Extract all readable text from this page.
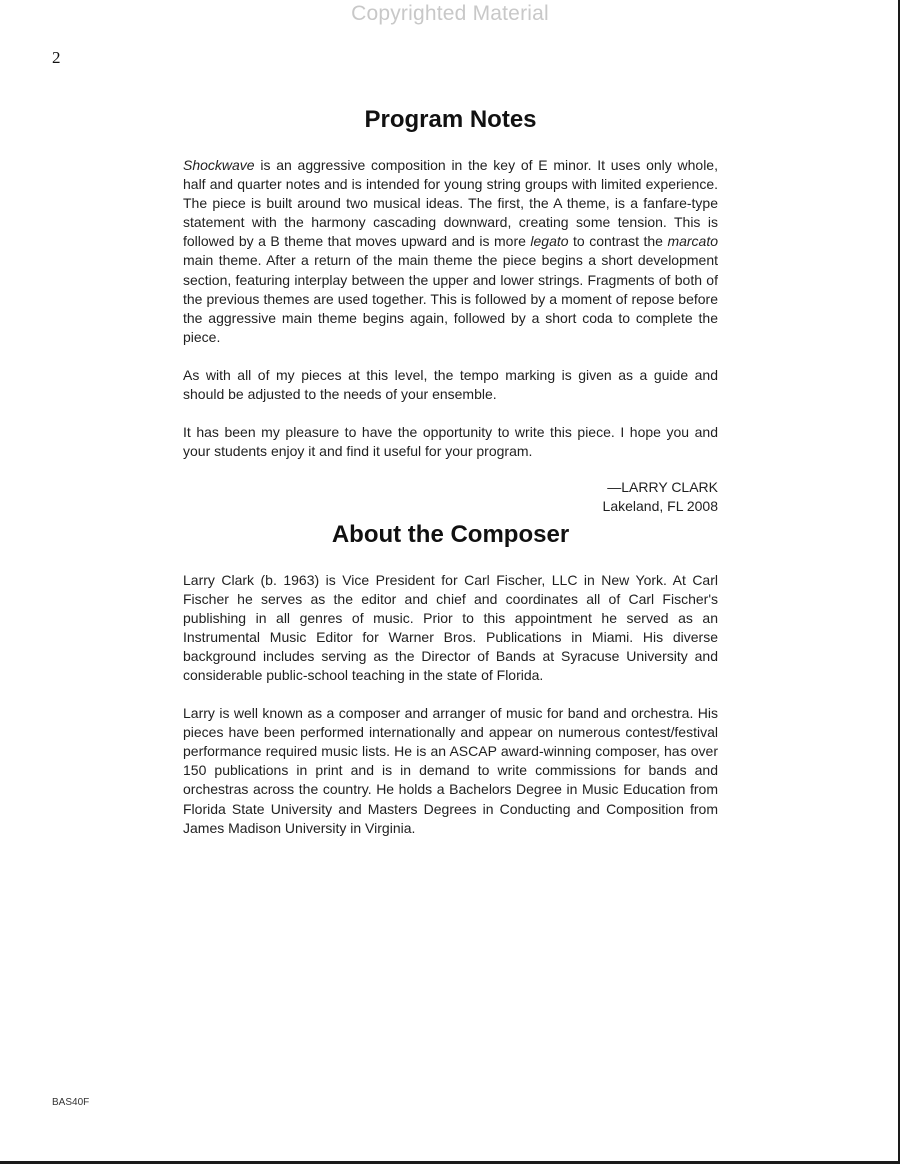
Copyrighted Material
2
Program Notes

Shockwave is an aggressive composition in the key of E minor. It uses only whole, half and quarter notes and is intended for young string groups with limited experience. The piece is built around two musical ideas. The first, the A theme, is a fanfare-type statement with the harmony cascading downward, creating some tension. This is followed by a B theme that moves upward and is more legato to contrast the marcato main theme. After a return of the main theme the piece begins a short development section, featuring interplay between the upper and lower strings. Fragments of both of the previous themes are used together. This is followed by a moment of repose before the aggressive main theme begins again, followed by a short coda to complete the piece.

As with all of my pieces at this level, the tempo marking is given as a guide and should be adjusted to the needs of your ensemble.

It has been my pleasure to have the opportunity to write this piece. I hope you and your students enjoy it and find it useful for your program.

—LARRY CLARK
Lakeland, FL 2008
About the Composer

Larry Clark (b. 1963) is Vice President for Carl Fischer, LLC in New York. At Carl Fischer he serves as the editor and chief and coordinates all of Carl Fischer's publishing in all genres of music. Prior to this appointment he served as an Instrumental Music Editor for Warner Bros. Publications in Miami. His diverse background includes serving as the Director of Bands at Syracuse University and considerable public-school teaching in the state of Florida.

Larry is well known as a composer and arranger of music for band and orchestra. His pieces have been performed internationally and appear on numerous contest/festival performance required music lists. He is an ASCAP award-winning composer, has over 150 publications in print and is in demand to write commissions for bands and orchestras across the country. He holds a Bachelors Degree in Music Education from Florida State University and Masters Degrees in Conducting and Composition from James Madison University in Virginia.

BAS40F
